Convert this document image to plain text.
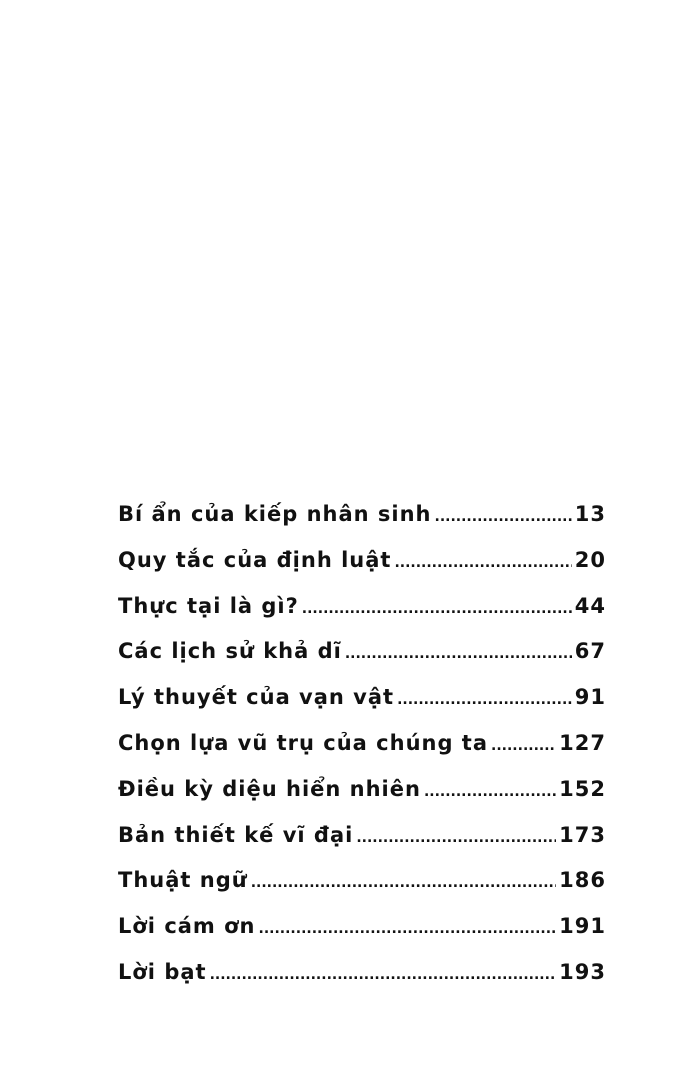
Bí ẩn của kiếp nhân sinh .....	13
Quy tắc của định luật .....	20
Thực tại là gì? .....	44
Các lịch sử khả dĩ .....	67
Lý thuyết của vạn vật .....	91
Chọn lựa vũ trụ của chúng ta .....	127
Điều kỳ diệu hiển nhiên .....	152
Bản thiết kế vĩ đại .....	173
Thuật ngữ .....	186
Lời cám ơn .....	191
Lời bạt .....	193
